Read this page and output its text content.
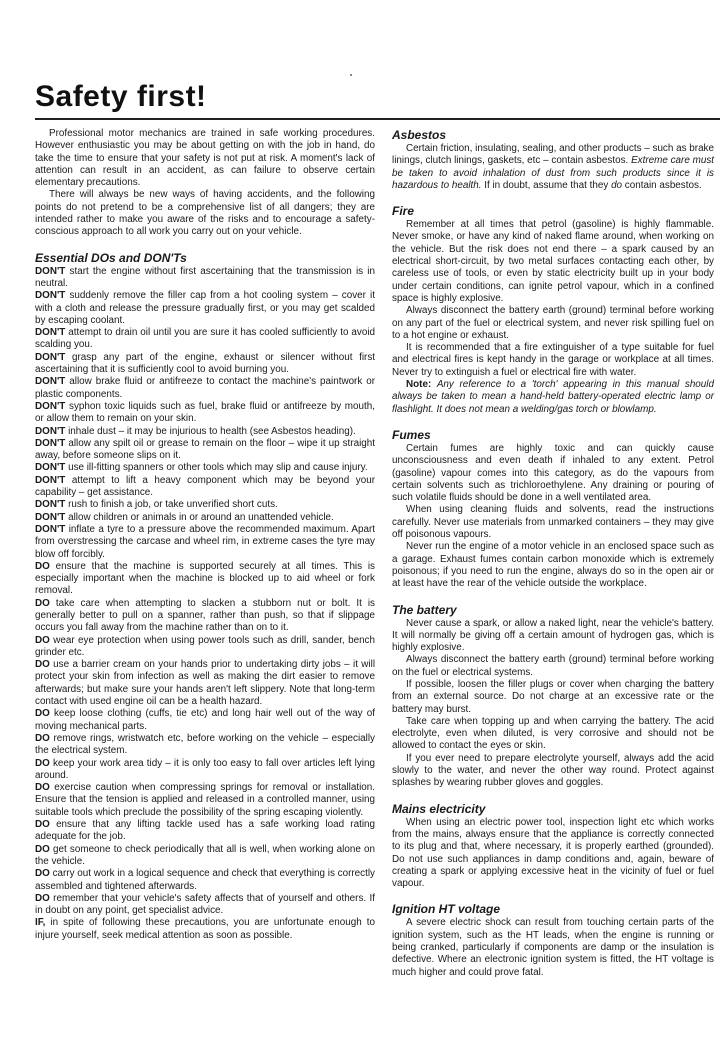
Safety first!

Professional motor mechanics are trained in safe working procedures. However enthusiastic you may be about getting on with the job in hand, do take the time to ensure that your safety is not put at risk. A moment's lack of attention can result in an accident, as can failure to observe certain elementary precautions.

There will always be new ways of having accidents, and the following points do not pretend to be a comprehensive list of all dangers; they are intended rather to make you aware of the risks and to encourage a safety-conscious approach to all work you carry out on your vehicle.

Essential DOs and DON'Ts

DON'T start the engine without first ascertaining that the transmission is in neutral.

DON'T suddenly remove the filler cap from a hot cooling system – cover it with a cloth and release the pressure gradually first, or you may get scalded by escaping coolant.

DON'T attempt to drain oil until you are sure it has cooled sufficiently to avoid scalding you.

DON'T grasp any part of the engine, exhaust or silencer without first ascertaining that it is sufficiently cool to avoid burning you.

DON'T allow brake fluid or antifreeze to contact the machine's paintwork or plastic components.

DON'T syphon toxic liquids such as fuel, brake fluid or antifreeze by mouth, or allow them to remain on your skin.

DON'T inhale dust – it may be injurious to health (see Asbestos heading).

DON'T allow any spilt oil or grease to remain on the floor – wipe it up straight away, before someone slips on it.

DON'T use ill-fitting spanners or other tools which may slip and cause injury.

DON'T attempt to lift a heavy component which may be beyond your capability – get assistance.

DON'T rush to finish a job, or take unverified short cuts.

DON'T allow children or animals in or around an unattended vehicle.

DON'T inflate a tyre to a pressure above the recommended maximum. Apart from overstressing the carcase and wheel rim, in extreme cases the tyre may blow off forcibly.

DO ensure that the machine is supported securely at all times. This is especially important when the machine is blocked up to aid wheel or fork removal.

DO take care when attempting to slacken a stubborn nut or bolt. It is generally better to pull on a spanner, rather than push, so that if slippage occurs you fall away from the machine rather than on to it.

DO wear eye protection when using power tools such as drill, sander, bench grinder etc.

DO use a barrier cream on your hands prior to undertaking dirty jobs – it will protect your skin from infection as well as making the dirt easier to remove afterwards; but make sure your hands aren't left slippery. Note that long-term contact with used engine oil can be a health hazard.

DO keep loose clothing (cuffs, tie etc) and long hair well out of the way of moving mechanical parts.

DO remove rings, wristwatch etc, before working on the vehicle – especially the electrical system.

DO keep your work area tidy – it is only too easy to fall over articles left lying around.

DO exercise caution when compressing springs for removal or installation. Ensure that the tension is applied and released in a controlled manner, using suitable tools which preclude the possibility of the spring escaping violently.

DO ensure that any lifting tackle used has a safe working load rating adequate for the job.

DO get someone to check periodically that all is well, when working alone on the vehicle.

DO carry out work in a logical sequence and check that everything is correctly assembled and tightened afterwards.

DO remember that your vehicle's safety affects that of yourself and others. If in doubt on any point, get specialist advice.

IF, in spite of following these precautions, you are unfortunate enough to injure yourself, seek medical attention as soon as possible.

Asbestos

Certain friction, insulating, sealing, and other products – such as brake linings, clutch linings, gaskets, etc – contain asbestos. Extreme care must be taken to avoid inhalation of dust from such products since it is hazardous to health. If in doubt, assume that they do contain asbestos.

Fire

Remember at all times that petrol (gasoline) is highly flammable. Never smoke, or have any kind of naked flame around, when working on the vehicle. But the risk does not end there – a spark caused by an electrical short-circuit, by two metal surfaces contacting each other, by careless use of tools, or even by static electricity built up in your body under certain conditions, can ignite petrol vapour, which in a confined space is highly explosive.

Always disconnect the battery earth (ground) terminal before working on any part of the fuel or electrical system, and never risk spilling fuel on to a hot engine or exhaust.

It is recommended that a fire extinguisher of a type suitable for fuel and electrical fires is kept handy in the garage or workplace at all times. Never try to extinguish a fuel or electrical fire with water.

Note: Any reference to a 'torch' appearing in this manual should always be taken to mean a hand-held battery-operated electric lamp or flashlight. It does not mean a welding/gas torch or blowlamp.

Fumes

Certain fumes are highly toxic and can quickly cause unconsciousness and even death if inhaled to any extent. Petrol (gasoline) vapour comes into this category, as do the vapours from certain solvents such as trichloroethylene. Any draining or pouring of such volatile fluids should be done in a well ventilated area.

When using cleaning fluids and solvents, read the instructions carefully. Never use materials from unmarked containers – they may give off poisonous vapours.

Never run the engine of a motor vehicle in an enclosed space such as a garage. Exhaust fumes contain carbon monoxide which is extremely poisonous; if you need to run the engine, always do so in the open air or at least have the rear of the vehicle outside the workplace.

The battery

Never cause a spark, or allow a naked light, near the vehicle's battery. It will normally be giving off a certain amount of hydrogen gas, which is highly explosive.

Always disconnect the battery earth (ground) terminal before working on the fuel or electrical systems.

If possible, loosen the filler plugs or cover when charging the battery from an external source. Do not charge at an excessive rate or the battery may burst.

Take care when topping up and when carrying the battery. The acid electrolyte, even when diluted, is very corrosive and should not be allowed to contact the eyes or skin.

If you ever need to prepare electrolyte yourself, always add the acid slowly to the water, and never the other way round. Protect against splashes by wearing rubber gloves and goggles.

Mains electricity

When using an electric power tool, inspection light etc which works from the mains, always ensure that the appliance is correctly connected to its plug and that, where necessary, it is properly earthed (grounded). Do not use such appliances in damp conditions and, again, beware of creating a spark or applying excessive heat in the vicinity of fuel or fuel vapour.

Ignition HT voltage

A severe electric shock can result from touching certain parts of the ignition system, such as the HT leads, when the engine is running or being cranked, particularly if components are damp or the insulation is defective. Where an electronic ignition system is fitted, the HT voltage is much higher and could prove fatal.
